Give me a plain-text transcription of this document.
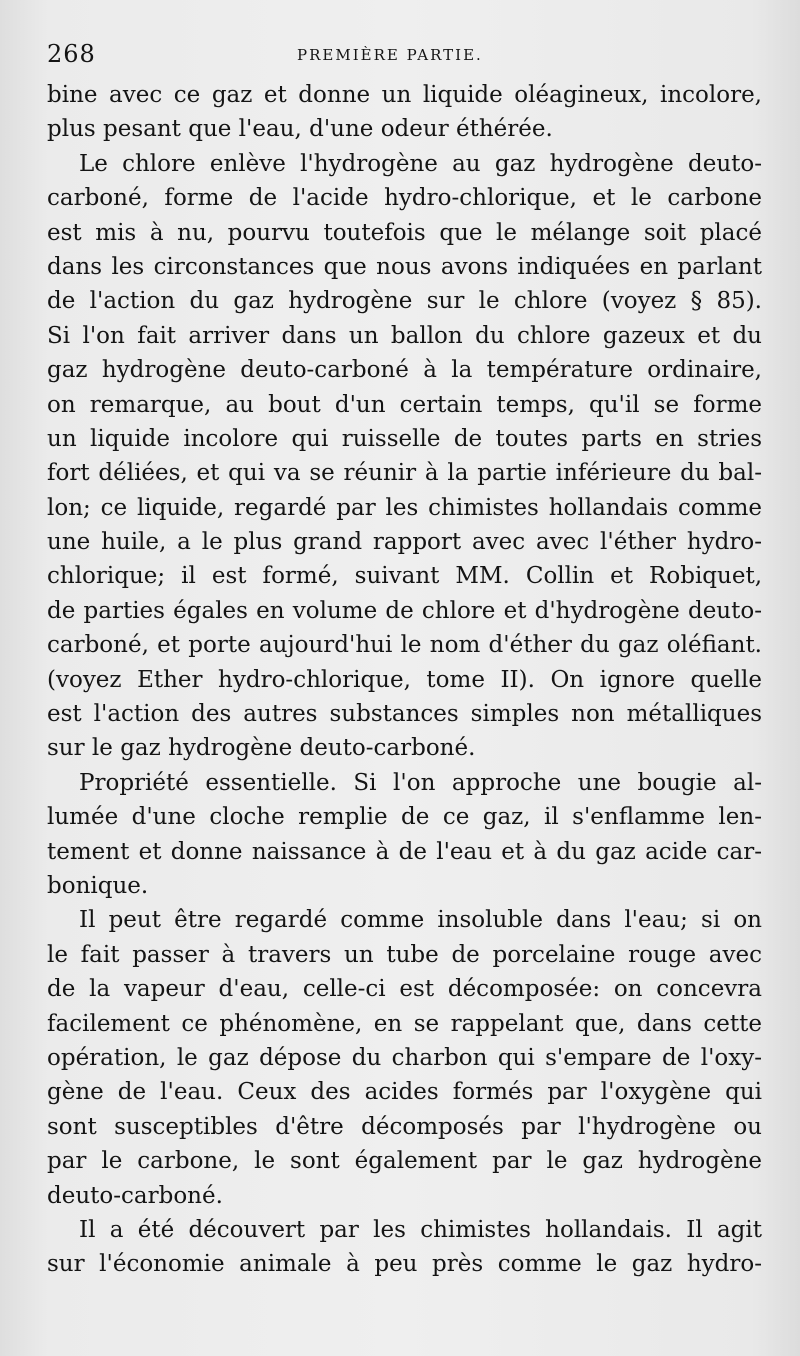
268	PREMIÈRE PARTIE.
bine avec ce gaz et donne un liquide oléagineux, incolore,
plus pesant que l'eau, d'une odeur éthérée.
Le chlore enlève l'hydrogène au gaz hydrogène deuto-
carboné, forme de l'acide hydro-chlorique, et le carbone
est mis à nu, pourvu toutefois que le mélange soit placé
dans les circonstances que nous avons indiquées en parlant
de l'action du gaz hydrogène sur le chlore (voyez § 85).
Si l'on fait arriver dans un ballon du chlore gazeux et du
gaz hydrogène deuto-carboné à la température ordinaire,
on remarque, au bout d'un certain temps, qu'il se forme
un liquide incolore qui ruisselle de toutes parts en stries
fort déliées, et qui va se réunir à la partie inférieure du bal-
lon; ce liquide, regardé par les chimistes hollandais comme
une huile, a le plus grand rapport avec avec l'éther hydro-
chlorique; il est formé, suivant MM. Collin et Robiquet,
de parties égales en volume de chlore et d'hydrogène deuto-
carboné, et porte aujourd'hui le nom d'éther du gaz oléfiant.
(voyez Ether hydro-chlorique, tome II). On ignore quelle
est l'action des autres substances simples non métalliques
sur le gaz hydrogène deuto-carboné.
Propriété essentielle. Si l'on approche une bougie al-
lumée d'une cloche remplie de ce gaz, il s'enflamme len-
tement et donne naissance à de l'eau et à du gaz acide car-
bonique.
Il peut être regardé comme insoluble dans l'eau; si on
le fait passer à travers un tube de porcelaine rouge avec
de la vapeur d'eau, celle-ci est décomposée: on concevra
facilement ce phénomène, en se rappelant que, dans cette
opération, le gaz dépose du charbon qui s'empare de l'oxy-
gène de l'eau. Ceux des acides formés par l'oxygène qui
sont susceptibles d'être décomposés par l'hydrogène ou
par le carbone, le sont également par le gaz hydrogène
deuto-carboné.
Il a été découvert par les chimistes hollandais. Il agit
sur l'économie animale à peu près comme le gaz hydro-
